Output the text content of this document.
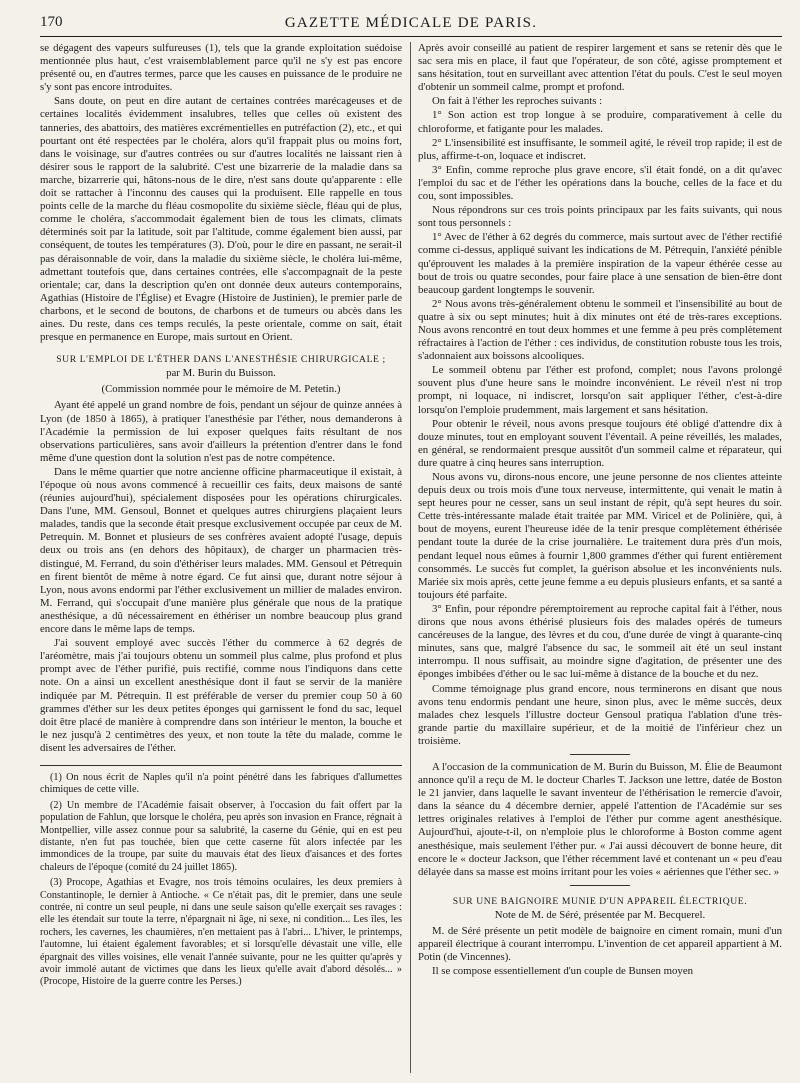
170	GAZETTE MÉDICALE DE PARIS.

se dégagent des vapeurs sulfureuses (1), tels que la grande exploitation suédoise mentionnée plus haut, c'est vraisemblablement parce qu'il ne s'y est pas encore présenté ou, en d'autres termes, parce que les causes en puissance de le produire ne s'y sont pas encore introduites.

Sans doute, on peut en dire autant de certaines contrées marécageuses et de certaines localités évidemment insalubres, telles que celles où existent des tanneries, des abattoirs, des matières excrémentielles en putréfaction (2), etc., et qui pourtant ont été respectées par le choléra, alors qu'il frappait plus ou moins fort, dans le voisinage, sur d'autres contrées ou sur d'autres localités ne laissant rien à désirer sous le rapport de la salubrité. C'est une bizarrerie de la maladie dans sa marche, bizarrerie qui, hâtons-nous de le dire, n'est sans doute qu'apparente : elle doit se rattacher à l'inconnu des causes qui la produisent. Elle rappelle en tous points celle de la marche du fléau cosmopolite du sixième siècle, fléau qui de plus, comme le choléra, s'accommodait également bien de tous les climats, climats déterminés soit par la latitude, soit par l'altitude, comme également bien aussi, par conséquent, de toutes les températures (3). D'où, pour le dire en passant, ne serait-il pas déraisonnable de voir, dans la maladie du sixième siècle, le choléra lui-même, admettant toutefois que, dans certaines contrées, elle s'accompagnait de la peste orientale; car, dans la description qu'en ont donnée deux auteurs contemporains, Agathias (Histoire de l'Église) et Evagre (Histoire de Justinien), le premier parle de charbons, et le second de boutons, de charbons et de tumeurs ou abcès dans les aines. Du reste, dans ces temps reculés, la peste orientale, comme on sait, était presque en permanence en Europe, mais surtout en Orient.

SUR L'EMPLOI DE L'ÉTHER DANS L'ANESTHÉSIE CHIRURGICALE ;
par M. Burin du Buisson.
(Commission nommée pour le mémoire de M. Petetin.)

Ayant été appelé un grand nombre de fois, pendant un séjour de quinze années à Lyon (de 1850 à 1865), à pratiquer l'anesthésie par l'éther, nous demanderons à l'Académie la permission de lui exposer quelques faits résultant de nos observations particulières, sans avoir d'ailleurs la prétention d'entrer dans le fond même d'une question dont la solution n'est pas de notre compétence.

Dans le même quartier que notre ancienne officine pharmaceutique il existait, à l'époque où nous avons commencé à recueillir ces faits, deux maisons de santé (réunies aujourd'hui), spécialement disposées pour les opérations chirurgicales. Dans l'une, MM. Gensoul, Bonnet et quelques autres chirurgiens plaçaient leurs malades, tandis que la seconde était presque exclusivement occupée par ceux de M. Petrequin. M. Bonnet et plusieurs de ses confrères avaient adopté l'usage, depuis deux ou trois ans (en dehors des hôpitaux), de charger un pharmacien très-distingué, M. Ferrand, du soin d'éthériser leurs malades. MM. Gensoul et Pétrequin en firent bientôt de même à notre égard. Ce fut ainsi que, durant notre séjour à Lyon, nous avons endormi par l'éther exclusivement un millier de malades environ. M. Ferrand, qui s'occupait d'une manière plus générale que nous de la pratique anesthésique, a dû nécessairement en éthériser un nombre beaucoup plus grand encore dans le même laps de temps.

J'ai souvent employé avec succès l'éther du commerce à 62 degrés de l'aréomètre, mais j'ai toujours obtenu un sommeil plus calme, plus profond et plus prompt avec de l'éther purifié, puis rectifié, comme nous l'indiquons dans cette note. On a ainsi un excellent anesthésique dont il faut se servir de la manière indiquée par M. Pétrequin. Il est préférable de verser du premier coup 50 à 60 grammes d'éther sur les deux petites éponges qui garnissent le fond du sac, lequel doit être placé de manière à comprendre dans son intérieur le menton, la bouche et le nez jusqu'à 2 centimètres des yeux, et non toute la tête du malade, comme le disent les adversaires de l'éther.

(1) On nous écrit de Naples qu'il n'a point pénétré dans les fabriques d'allumettes chimiques de cette ville.

(2) Un membre de l'Académie faisait observer, à l'occasion du fait offert par la population de Fahlun, que lorsque le choléra, peu après son invasion en France, régnait à Montpellier, ville assez connue pour sa salubrité, la caserne du Génie, qui en est peu distante, n'en fut pas touchée, bien que cette caserne fût alors infectée par les immondices de la troupe, par suite du mauvais état des lieux d'aisances et des fortes chaleurs de l'époque (comité du 24 juillet 1865).

(3) Procope, Agathias et Evagre, nos trois témoins oculaires, les deux premiers à Constantinople, le dernier à Antioche. « Ce n'était pas, dit le premier, dans une seule contrée, ni contre un seul peuple, ni dans une seule saison qu'elle exerçait ses ravages : elle les étendait sur toute la terre, n'épargnait ni âge, ni sexe, ni condition... Les îles, les rochers, les cavernes, les chaumières, n'en mettaient pas à l'abri... L'hiver, le printemps, l'automne, lui étaient également favorables; et si lorsqu'elle dévastait une ville, elle épargnait des villes voisines, elle venait l'année suivante, pour ne les quitter qu'après y avoir immolé autant de victimes que dans les lieux qu'elle avait d'abord désolés... » (Procope, Histoire de la guerre contre les Perses.)

Après avoir conseillé au patient de respirer largement et sans se retenir dès que le sac sera mis en place, il faut que l'opérateur, de son côté, agisse promptement et sans hésitation, tout en surveillant avec attention l'état du pouls. C'est le seul moyen d'obtenir un sommeil calme, prompt et profond.

On fait à l'éther les reproches suivants :

1° Son action est trop longue à se produire, comparativement à celle du chloroforme, et fatigante pour les malades.

2° L'insensibilité est insuffisante, le sommeil agité, le réveil trop rapide; il est de plus, affirme-t-on, loquace et indiscret.

3° Enfin, comme reproche plus grave encore, s'il était fondé, on a dit qu'avec l'emploi du sac et de l'éther les opérations dans la bouche, celles de la face et du cou, sont impossibles.

Nous répondrons sur ces trois points principaux par les faits suivants, qui nous sont tous personnels :

1° Avec de l'éther à 62 degrés du commerce, mais surtout avec de l'éther rectifié comme ci-dessus, appliqué suivant les indications de M. Pétrequin, l'anxiété pénible qu'éprouvent les malades à la première inspiration de la vapeur éthérée cesse au bout de trois ou quatre secondes, pour faire place à une sensation de bien-être dont beaucoup gardent longtemps le souvenir.

2° Nous avons très-généralement obtenu le sommeil et l'insensibilité au bout de quatre à six ou sept minutes; huit à dix minutes ont été de très-rares exceptions. Nous avons rencontré en tout deux hommes et une femme à peu près complètement réfractaires à l'action de l'éther : ces individus, de constitution robuste tous les trois, s'adonnaient aux boissons alcooliques.

Le sommeil obtenu par l'éther est profond, complet; nous l'avons prolongé souvent plus d'une heure sans le moindre inconvénient. Le réveil n'est ni trop prompt, ni loquace, ni indiscret, lorsqu'on sait appliquer l'éther, c'est-à-dire lorsqu'on l'emploie prudemment, mais largement et sans hésitation.

Pour obtenir le réveil, nous avons presque toujours été obligé d'attendre dix à douze minutes, tout en employant souvent l'éventail. A peine réveillés, les malades, en général, se rendormaient presque aussitôt d'un sommeil calme et réparateur, qui dure quatre à cinq heures sans interruption.

Nous avons vu, dirons-nous encore, une jeune personne de nos clientes atteinte depuis deux ou trois mois d'une toux nerveuse, intermittente, qui venait le matin à sept heures pour ne cesser, sans un seul instant de répit, qu'à sept heures du soir. Cette très-intéressante malade était traitée par MM. Viricel et de Polinière, qui, à bout de moyens, eurent l'heureuse idée de la tenir presque complètement éthérisée pendant toute la durée de la crise journalière. Le traitement dura près d'un mois, pendant lequel nous eûmes à fournir 1,800 grammes d'éther qui furent entièrement consommés. Le succès fut complet, la guérison absolue et les inconvénients nuls. Mariée six mois après, cette jeune femme a eu depuis plusieurs enfants, et sa santé a toujours été parfaite.

3° Enfin, pour répondre péremptoirement au reproche capital fait à l'éther, nous dirons que nous avons éthérisé plusieurs fois des malades opérés de tumeurs cancéreuses de la langue, des lèvres et du cou, d'une durée de vingt à quarante-cinq minutes, sans que, malgré l'absence du sac, le sommeil ait été un seul instant interrompu. Il nous suffisait, au moindre signe d'agitation, de présenter une des éponges imbibées d'éther ou le sac lui-même à distance de la bouche et du nez.

Comme témoignage plus grand encore, nous terminerons en disant que nous avons tenu endormis pendant une heure, sinon plus, avec le même succès, deux malades chez lesquels l'illustre docteur Gensoul pratiqua l'ablation d'une très-grande partie du maxillaire supérieur, et de la moitié de l'inférieur chez un troisième.

A l'occasion de la communication de M. Burin du Buisson, M. Élie de Beaumont annonce qu'il a reçu de M. le docteur Charles T. Jackson une lettre, datée de Boston le 21 janvier, dans laquelle le savant inventeur de l'éthérisation le remercie d'avoir, dans la séance du 4 décembre dernier, appelé l'attention de l'Académie sur ses lettres originales relatives à l'emploi de l'éther pur comme agent anesthésique. Aujourd'hui, ajoute-t-il, on n'emploie plus le chloroforme à Boston comme agent anesthésique, mais seulement l'éther pur. « J'ai aussi découvert de bonne heure, dit encore le « docteur Jackson, que l'éther récemment lavé et contenant un « peu d'eau délayée dans sa masse est moins irritant pour les voies « aériennes que l'éther sec. »

SUR UNE BAIGNOIRE MUNIE D'UN APPAREIL ÉLECTRIQUE.
Note de M. de Séré, présentée par M. Becquerel.

M. de Séré présente un petit modèle de baignoire en ciment romain, muni d'un appareil électrique à courant interrompu. L'invention de cet appareil appartient à M. Potin (de Vincennes).

Il se compose essentiellement d'un couple de Bunsen moyen
